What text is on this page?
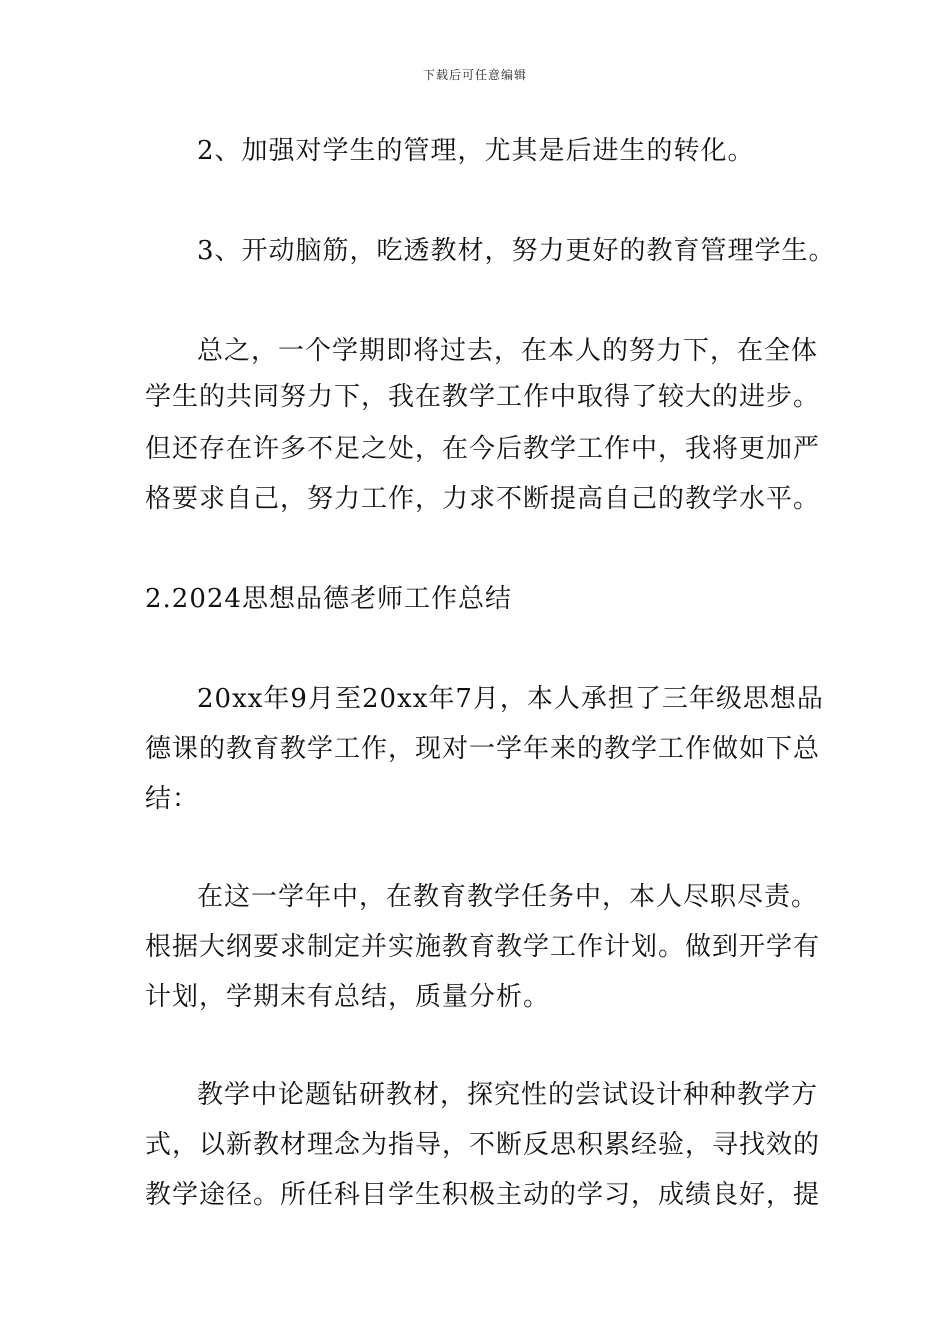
下载后可任意编辑
2、加强对学生的管理，尤其是后进生的转化。
3、开动脑筋，吃透教材，努力更好的教育管理学生。
总之，一个学期即将过去，在本人的努力下，在全体
学生的共同努力下，我在教学工作中取得了较大的进步。
但还存在许多不足之处，在今后教学工作中，我将更加严
格要求自己，努力工作，力求不断提高自己的教学水平。
2.2024思想品德老师工作总结
20xx年9月至20xx年7月，本人承担了三年级思想品
德课的教育教学工作，现对一学年来的教学工作做如下总
结：
在这一学年中，在教育教学任务中，本人尽职尽责。
根据大纲要求制定并实施教育教学工作计划。做到开学有
计划，学期末有总结，质量分析。
教学中论题钻研教材，探究性的尝试设计种种教学方
式，以新教材理念为指导，不断反思积累经验，寻找效的
教学途径。所任科目学生积极主动的学习，成绩良好，提
